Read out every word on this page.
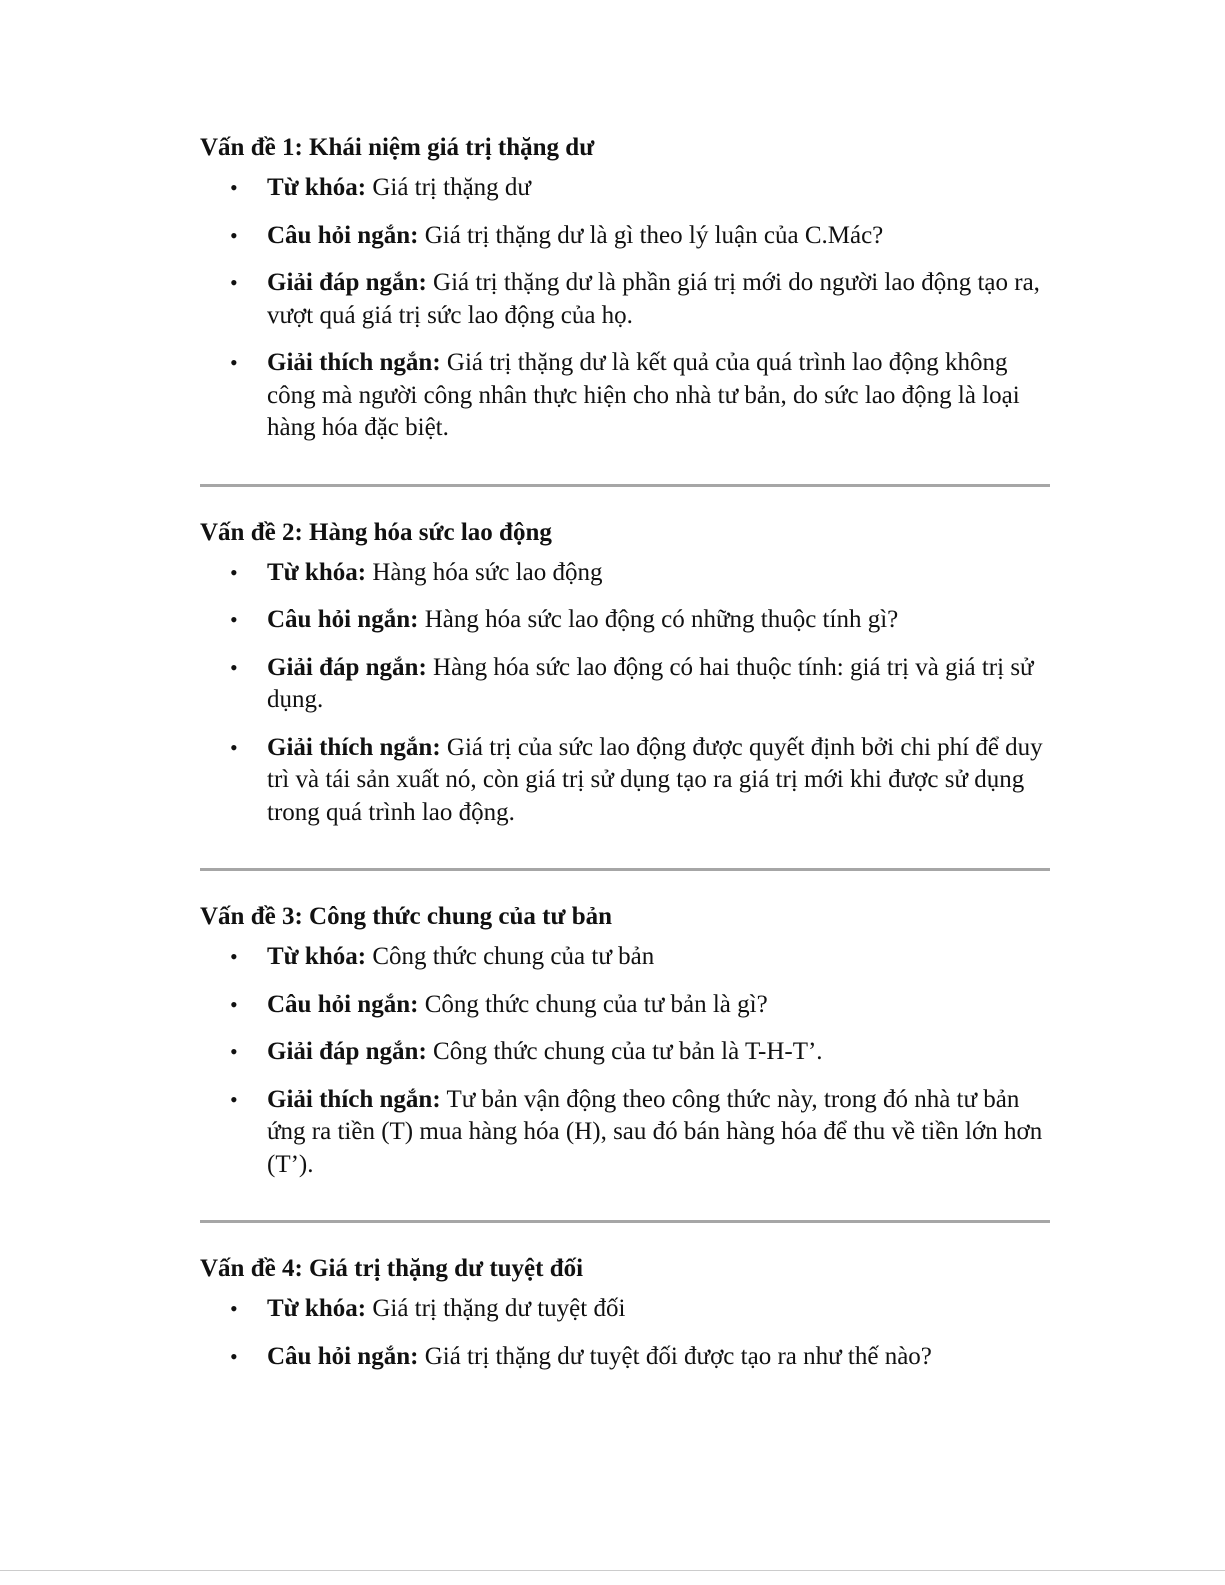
Vấn đề 1: Khái niệm giá trị thặng dư
• Từ khóa: Giá trị thặng dư
• Câu hỏi ngắn: Giá trị thặng dư là gì theo lý luận của C.Mác?
• Giải đáp ngắn: Giá trị thặng dư là phần giá trị mới do người lao động tạo ra, vượt quá giá trị sức lao động của họ.
• Giải thích ngắn: Giá trị thặng dư là kết quả của quá trình lao động không công mà người công nhân thực hiện cho nhà tư bản, do sức lao động là loại hàng hóa đặc biệt.
Vấn đề 2: Hàng hóa sức lao động
• Từ khóa: Hàng hóa sức lao động
• Câu hỏi ngắn: Hàng hóa sức lao động có những thuộc tính gì?
• Giải đáp ngắn: Hàng hóa sức lao động có hai thuộc tính: giá trị và giá trị sử dụng.
• Giải thích ngắn: Giá trị của sức lao động được quyết định bởi chi phí để duy trì và tái sản xuất nó, còn giá trị sử dụng tạo ra giá trị mới khi được sử dụng trong quá trình lao động.
Vấn đề 3: Công thức chung của tư bản
• Từ khóa: Công thức chung của tư bản
• Câu hỏi ngắn: Công thức chung của tư bản là gì?
• Giải đáp ngắn: Công thức chung của tư bản là T-H-T’.
• Giải thích ngắn: Tư bản vận động theo công thức này, trong đó nhà tư bản ứng ra tiền (T) mua hàng hóa (H), sau đó bán hàng hóa để thu về tiền lớn hơn (T’).
Vấn đề 4: Giá trị thặng dư tuyệt đối
• Từ khóa: Giá trị thặng dư tuyệt đối
• Câu hỏi ngắn: Giá trị thặng dư tuyệt đối được tạo ra như thế nào?
